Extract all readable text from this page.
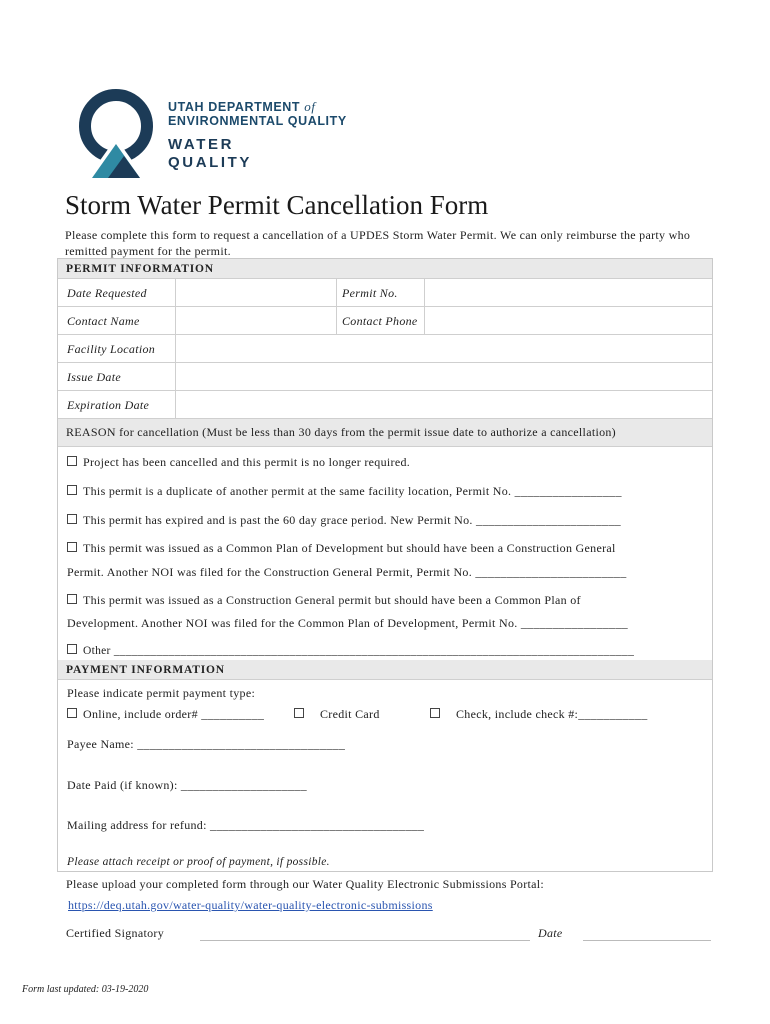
UTAH DEPARTMENT of
ENVIRONMENTAL QUALITY
WATER
QUALITY
Storm Water Permit Cancellation Form
Please complete this form to request a cancellation of a UPDES Storm Water Permit. We can only reimburse the party who remitted payment for the permit.
PERMIT INFORMATION
Date Requested	Permit No.
Contact Name	Contact Phone
Facility Location
Issue Date
Expiration Date
REASON for cancellation (Must be less than 30 days from the permit issue date to authorize a cancellation)
Project has been cancelled and this permit is no longer required.
This permit is a duplicate of another permit at the same facility location, Permit No. _________________
This permit has expired and is past the 60 day grace period. New Permit No. _______________________
This permit was issued as a Common Plan of Development but should have been a Construction General
Permit. Another NOI was filed for the Construction General Permit, Permit No. ________________________
This permit was issued as a Construction General permit but should have been a Common Plan of
Development. Another NOI was filed for the Common Plan of Development, Permit No. _________________
Other ______________________________________________________________________________________
PAYMENT INFORMATION
Please indicate permit payment type:
Online, include order# __________	Credit Card	Check, include check #:___________
Payee Name: _________________________________
Date Paid (if known): ____________________
Mailing address for refund: __________________________________
Please attach receipt or proof of payment, if possible.
Please upload your completed form through our Water Quality Electronic Submissions Portal:
https://deq.utah.gov/water-quality/water-quality-electronic-submissions
Certified Signatory	Date
Form last updated: 03-19-2020
